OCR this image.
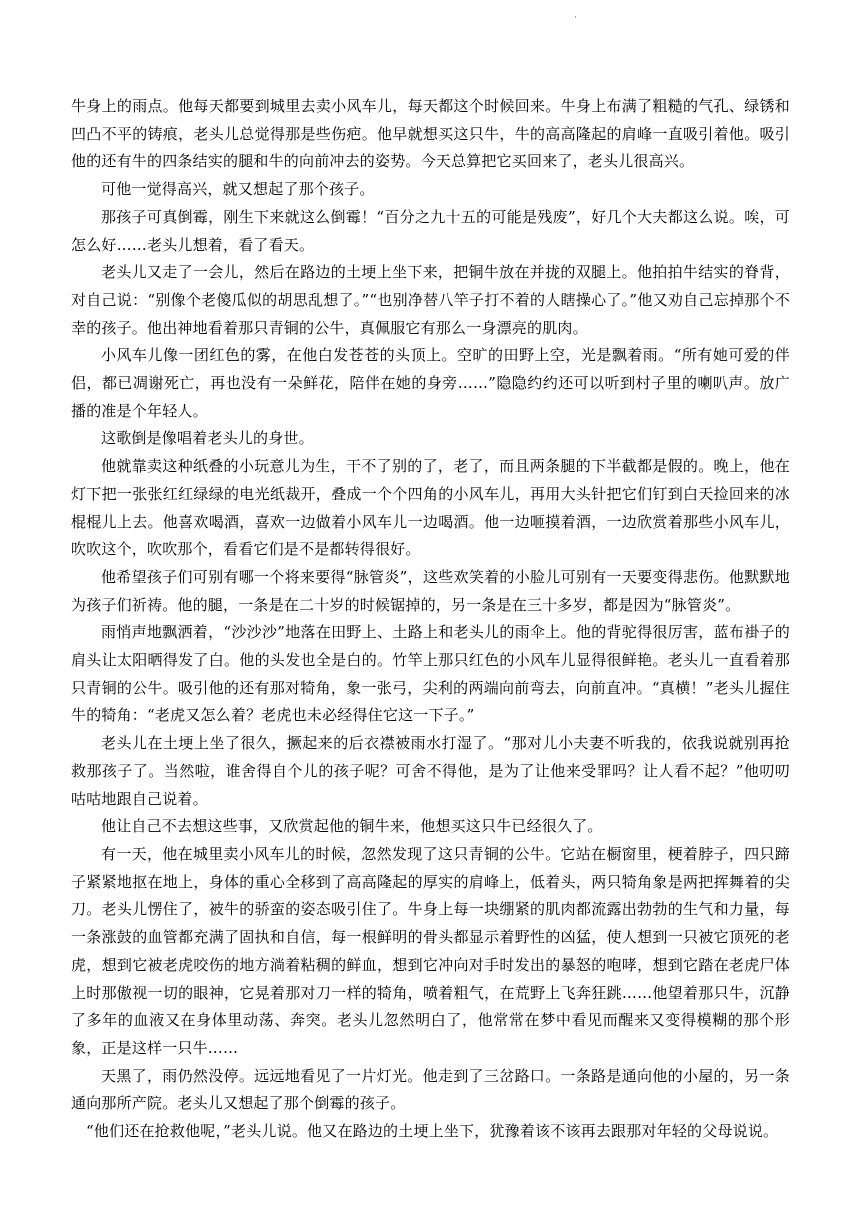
·

牛身上的雨点。他每天都要到城里去卖小风车儿，每天都这个时候回来。牛身上布满了粗糙的气孔、绿锈和凹凸不平的铸痕，老头儿总觉得那是些伤疤。他早就想买这只牛，牛的高高隆起的肩峰一直吸引着他。吸引他的还有牛的四条结实的腿和牛的向前冲去的姿势。今天总算把它买回来了，老头儿很高兴。

可他一觉得高兴，就又想起了那个孩子。

那孩子可真倒霉，刚生下来就这么倒霉！“百分之九十五的可能是残废”，好几个大夫都这么说。唉，可怎么好……老头儿想着，看了看天。

老头儿又走了一会儿，然后在路边的土埂上坐下来，把铜牛放在并拢的双腿上。他拍拍牛结实的脊背，对自己说：“别像个老傻瓜似的胡思乱想了。”“也别净替八竿子打不着的人瞎操心了。”他又劝自己忘掉那个不幸的孩子。他出神地看着那只青铜的公牛，真佩服它有那么一身漂亮的肌肉。

小风车儿像一团红色的雾，在他白发苍苍的头顶上。空旷的田野上空，光是飘着雨。“所有她可爱的伴侣，都已凋谢死亡，再也没有一朵鲜花，陪伴在她的身旁……”隐隐约约还可以听到村子里的喇叭声。放广播的准是个年轻人。

这歌倒是像唱着老头儿的身世。

他就靠卖这种纸叠的小玩意儿为生，干不了别的了，老了，而且两条腿的下半截都是假的。晚上，他在灯下把一张张红红绿绿的电光纸裁开，叠成一个个四角的小风车儿，再用大头针把它们钉到白天捡回来的冰棍棍儿上去。他喜欢喝酒，喜欢一边做着小风车儿一边喝酒。他一边咂摸着酒，一边欣赏着那些小风车儿，吹吹这个，吹吹那个，看看它们是不是都转得很好。

他希望孩子们可别有哪一个将来要得“脉管炎”，这些欢笑着的小脸儿可别有一天要变得悲伤。他默默地为孩子们祈祷。他的腿，一条是在二十岁的时候锯掉的，另一条是在三十多岁，都是因为“脉管炎”。

雨悄声地飘洒着，“沙沙沙”地落在田野上、土路上和老头儿的雨伞上。他的背驼得很厉害，蓝布褂子的肩头让太阳晒得发了白。他的头发也全是白的。竹竿上那只红色的小风车儿显得很鲜艳。老头儿一直看着那只青铜的公牛。吸引他的还有那对犄角，象一张弓，尖利的两端向前弯去，向前直冲。“真横！”老头儿握住牛的犄角：“老虎又怎么着？老虎也未必经得住它这一下子。”

老头儿在土埂上坐了很久，撅起来的后衣襟被雨水打湿了。“那对儿小夫妻不听我的，依我说就别再抢救那孩子了。当然啦，谁舍得自个儿的孩子呢？可舍不得他，是为了让他来受罪吗？让人看不起？”他叨叨咕咕地跟自己说着。

他让自己不去想这些事，又欣赏起他的铜牛来，他想买这只牛已经很久了。

有一天，他在城里卖小风车儿的时候，忽然发现了这只青铜的公牛。它站在橱窗里，梗着脖子，四只蹄子紧紧地抠在地上，身体的重心全移到了高高隆起的厚实的肩峰上，低着头，两只犄角象是两把挥舞着的尖刀。老头儿愣住了，被牛的骄蛮的姿态吸引住了。牛身上每一块绷紧的肌肉都流露出勃勃的生气和力量，每一条涨鼓的血管都充满了固执和自信，每一根鲜明的骨头都显示着野性的凶猛，使人想到一只被它顶死的老虎，想到它被老虎咬伤的地方淌着粘稠的鲜血，想到它冲向对手时发出的暴怒的咆哮，想到它踏在老虎尸体上时那傲视一切的眼神，它晃着那对刀一样的犄角，喷着粗气，在荒野上飞奔狂跳……他望着那只牛，沉静了多年的血液又在身体里动荡、奔突。老头儿忽然明白了，他常常在梦中看见而醒来又变得模糊的那个形象，正是这样一只牛……

天黑了，雨仍然没停。远远地看见了一片灯光。他走到了三岔路口。一条路是通向他的小屋的，另一条通向那所产院。老头儿又想起了那个倒霉的孩子。

“他们还在抢救他呢，”老头儿说。他又在路边的土埂上坐下，犹豫着该不该再去跟那对年轻的父母说说。
